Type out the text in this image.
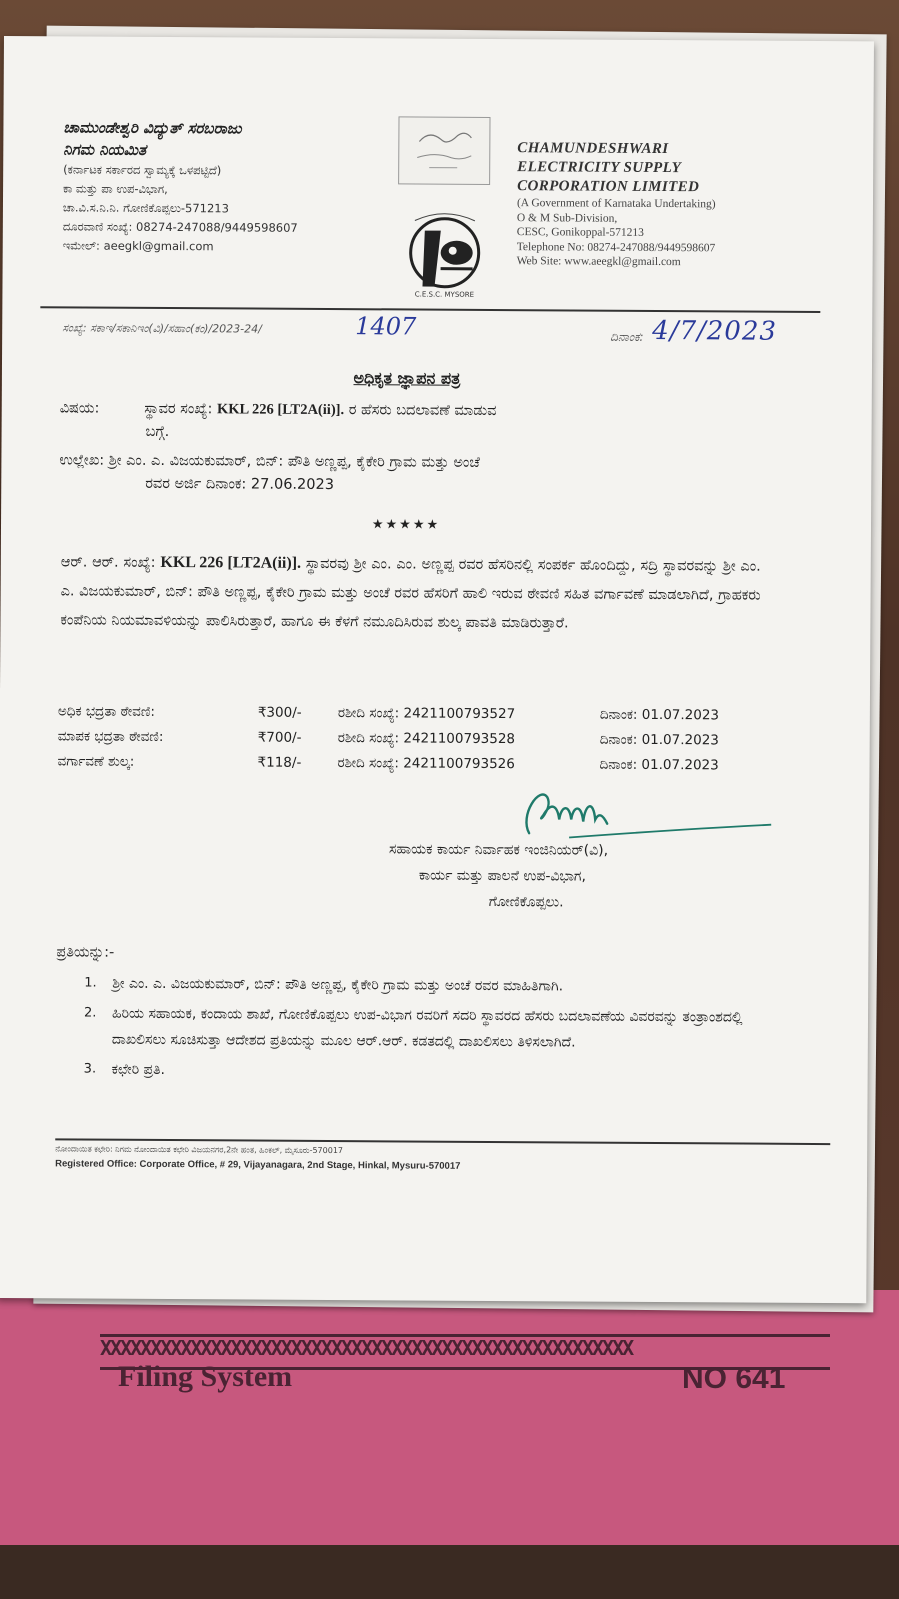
XXXXXXXXXXXXXXXXXXXXXXXXXXXXXXXXXXXXXXXXXXXXXXXXXXXXX
Filing System	NO 641
ಚಾಮುಂಡೇಶ್ವರಿ ವಿದ್ಯುತ್ ಸರಬರಾಜು
ನಿಗಮ ನಿಯಮಿತ
(ಕರ್ನಾಟಕ ಸರ್ಕಾರದ ಸ್ವಾಮ್ಯಕ್ಕೆ ಒಳಪಟ್ಟಿದೆ)
ಕಾ ಮತ್ತು ಪಾ ಉಪ-ವಿಭಾಗ,
ಚಾ.ವಿ.ಸ.ನಿ.ನಿ. ಗೋಣಿಕೊಪ್ಪಲು-571213
ದೂರವಾಣಿ ಸಂಖ್ಯೆ: 08274-247088/9449598607
ಇಮೇಲ್: aeegkl@gmail.com
C.E.S.C. MYSORE
CHAMUNDESHWARI
ELECTRICITY SUPPLY
CORPORATION LIMITED
(A Government of Karnataka Undertaking)
O & M Sub-Division,
CESC, Gonikoppal-571213
Telephone No: 08274-247088/9449598607
Web Site: www.aeegkl@gmail.com
ಸಂಖ್ಯೆ: ಸಕಾಇ/ಸಕಾನಿಇಂ(ವಿ)/ಸಹಾಂ(ಕಂ)/2023-24/	1407	ದಿನಾಂಕ: 4/7/2023
ಅಧಿಕೃತ ಜ್ಞಾಪನ ಪತ್ರ
ವಿಷಯ:	ಸ್ಥಾವರ ಸಂಖ್ಯೆ: KKL 226 [LT2A(ii)]. ರ ಹೆಸರು ಬದಲಾವಣೆ ಮಾಡುವ
ಬಗ್ಗೆ.
ಉಲ್ಲೇಖ: ಶ್ರೀ ಎಂ. ಎ. ವಿಜಯಕುಮಾರ್, ಬಿನ್: ಪೌತಿ ಅಣ್ಣಪ್ಪ, ಕೈಕೇರಿ ಗ್ರಾಮ ಮತ್ತು ಅಂಚೆ
ರವರ ಅರ್ಜಿ ದಿನಾಂಕ: 27.06.2023
★★★★★
ಆರ್. ಆರ್. ಸಂಖ್ಯೆ: KKL 226 [LT2A(ii)]. ಸ್ಥಾವರವು ಶ್ರೀ ಎಂ. ಎಂ. ಅಣ್ಣಪ್ಪ ರವರ ಹೆಸರಿನಲ್ಲಿ ಸಂಪರ್ಕ ಹೊಂದಿದ್ದು, ಸದ್ರಿ ಸ್ಥಾವರವನ್ನು ಶ್ರೀ ಎಂ. ಎ. ವಿಜಯಕುಮಾರ್, ಬಿನ್: ಪೌತಿ ಅಣ್ಣಪ್ಪ, ಕೈಕೇರಿ ಗ್ರಾಮ ಮತ್ತು ಅಂಚೆ ರವರ ಹೆಸರಿಗೆ ಹಾಲಿ ಇರುವ ಠೇವಣಿ ಸಹಿತ ವರ್ಗಾವಣೆ ಮಾಡಲಾಗಿದೆ, ಗ್ರಾಹಕರು ಕಂಪೆನಿಯ ನಿಯಮಾವಳಿಯನ್ನು ಪಾಲಿಸಿರುತ್ತಾರೆ, ಹಾಗೂ ಈ ಕೆಳಗೆ ನಮೂದಿಸಿರುವ ಶುಲ್ಕ ಪಾವತಿ ಮಾಡಿರುತ್ತಾರೆ.
ಅಧಿಕ ಭದ್ರತಾ ಠೇವಣಿ:	₹300/-	ರಶೀದಿ ಸಂಖ್ಯೆ: 2421100793527	ದಿನಾಂಕ: 01.07.2023
ಮಾಪಕ ಭದ್ರತಾ ಠೇವಣಿ:	₹700/-	ರಶೀದಿ ಸಂಖ್ಯೆ: 2421100793528	ದಿನಾಂಕ: 01.07.2023
ವರ್ಗಾವಣೆ ಶುಲ್ಕ:	₹118/-	ರಶೀದಿ ಸಂಖ್ಯೆ: 2421100793526	ದಿನಾಂಕ: 01.07.2023
ಸಹಾಯಕ ಕಾರ್ಯ ನಿರ್ವಾಹಕ ಇಂಜಿನಿಯರ್(ವಿ),
ಕಾರ್ಯ ಮತ್ತು ಪಾಲನೆ ಉಪ-ವಿಭಾಗ,
ಗೋಣಿಕೊಪ್ಪಲು.
ಪ್ರತಿಯನ್ನು:-
1. ಶ್ರೀ ಎಂ. ಎ. ವಿಜಯಕುಮಾರ್, ಬಿನ್: ಪೌತಿ ಅಣ್ಣಪ್ಪ, ಕೈಕೇರಿ ಗ್ರಾಮ ಮತ್ತು ಅಂಚೆ ರವರ ಮಾಹಿತಿಗಾಗಿ.
2. ಹಿರಿಯ ಸಹಾಯಕ, ಕಂದಾಯ ಶಾಖೆ, ಗೋಣಿಕೊಪ್ಪಲು ಉಪ-ವಿಭಾಗ ರವರಿಗೆ ಸದರಿ ಸ್ಥಾವರದ ಹೆಸರು ಬದಲಾವಣೆಯ ವಿವರವನ್ನು ತಂತ್ರಾಂಶದಲ್ಲಿ ದಾಖಲಿಸಲು ಸೂಚಿಸುತ್ತಾ ಆದೇಶದ ಪ್ರತಿಯನ್ನು ಮೂಲ ಆರ್.ಆರ್. ಕಡತದಲ್ಲಿ ದಾಖಲಿಸಲು ತಿಳಿಸಲಾಗಿದೆ.
3. ಕಛೇರಿ ಪ್ರತಿ.
ನೋಂದಾಯಿತ ಕಛೇರಿ: ನಿಗಮ ನೋಂದಾಯಿತ ಕಛೇರಿ ವಿಜಯನಗರ,2ನೇ ಹಂತ, ಹಿಂಕಲ್, ಮೈಸೂರು-570017
Registered Office: Corporate Office, # 29, Vijayanagara, 2nd Stage, Hinkal, Mysuru-570017
